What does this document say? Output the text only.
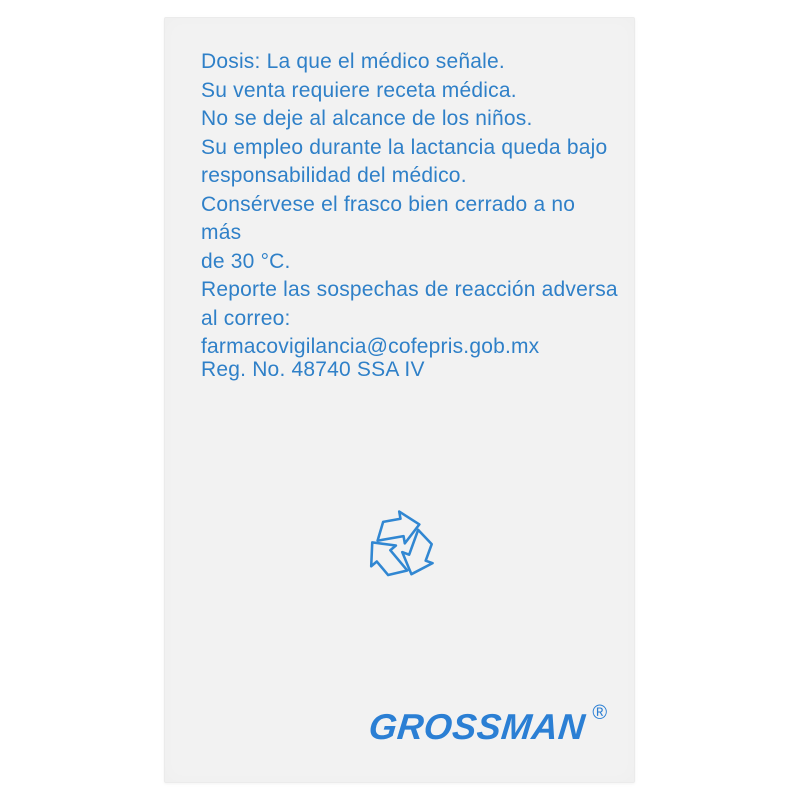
Dosis: La que el médico señale.
Su venta requiere receta médica.
No se deje al alcance de los niños.
Su empleo durante la lactancia queda bajo
responsabilidad del médico.
Consérvese el frasco bien cerrado a no más
de 30 °C.
Reporte las sospechas de reacción adversa
al correo:
farmacovigilancia@cofepris.gob.mx
Reg. No. 48740 SSA IV
GROSSMAN ®
